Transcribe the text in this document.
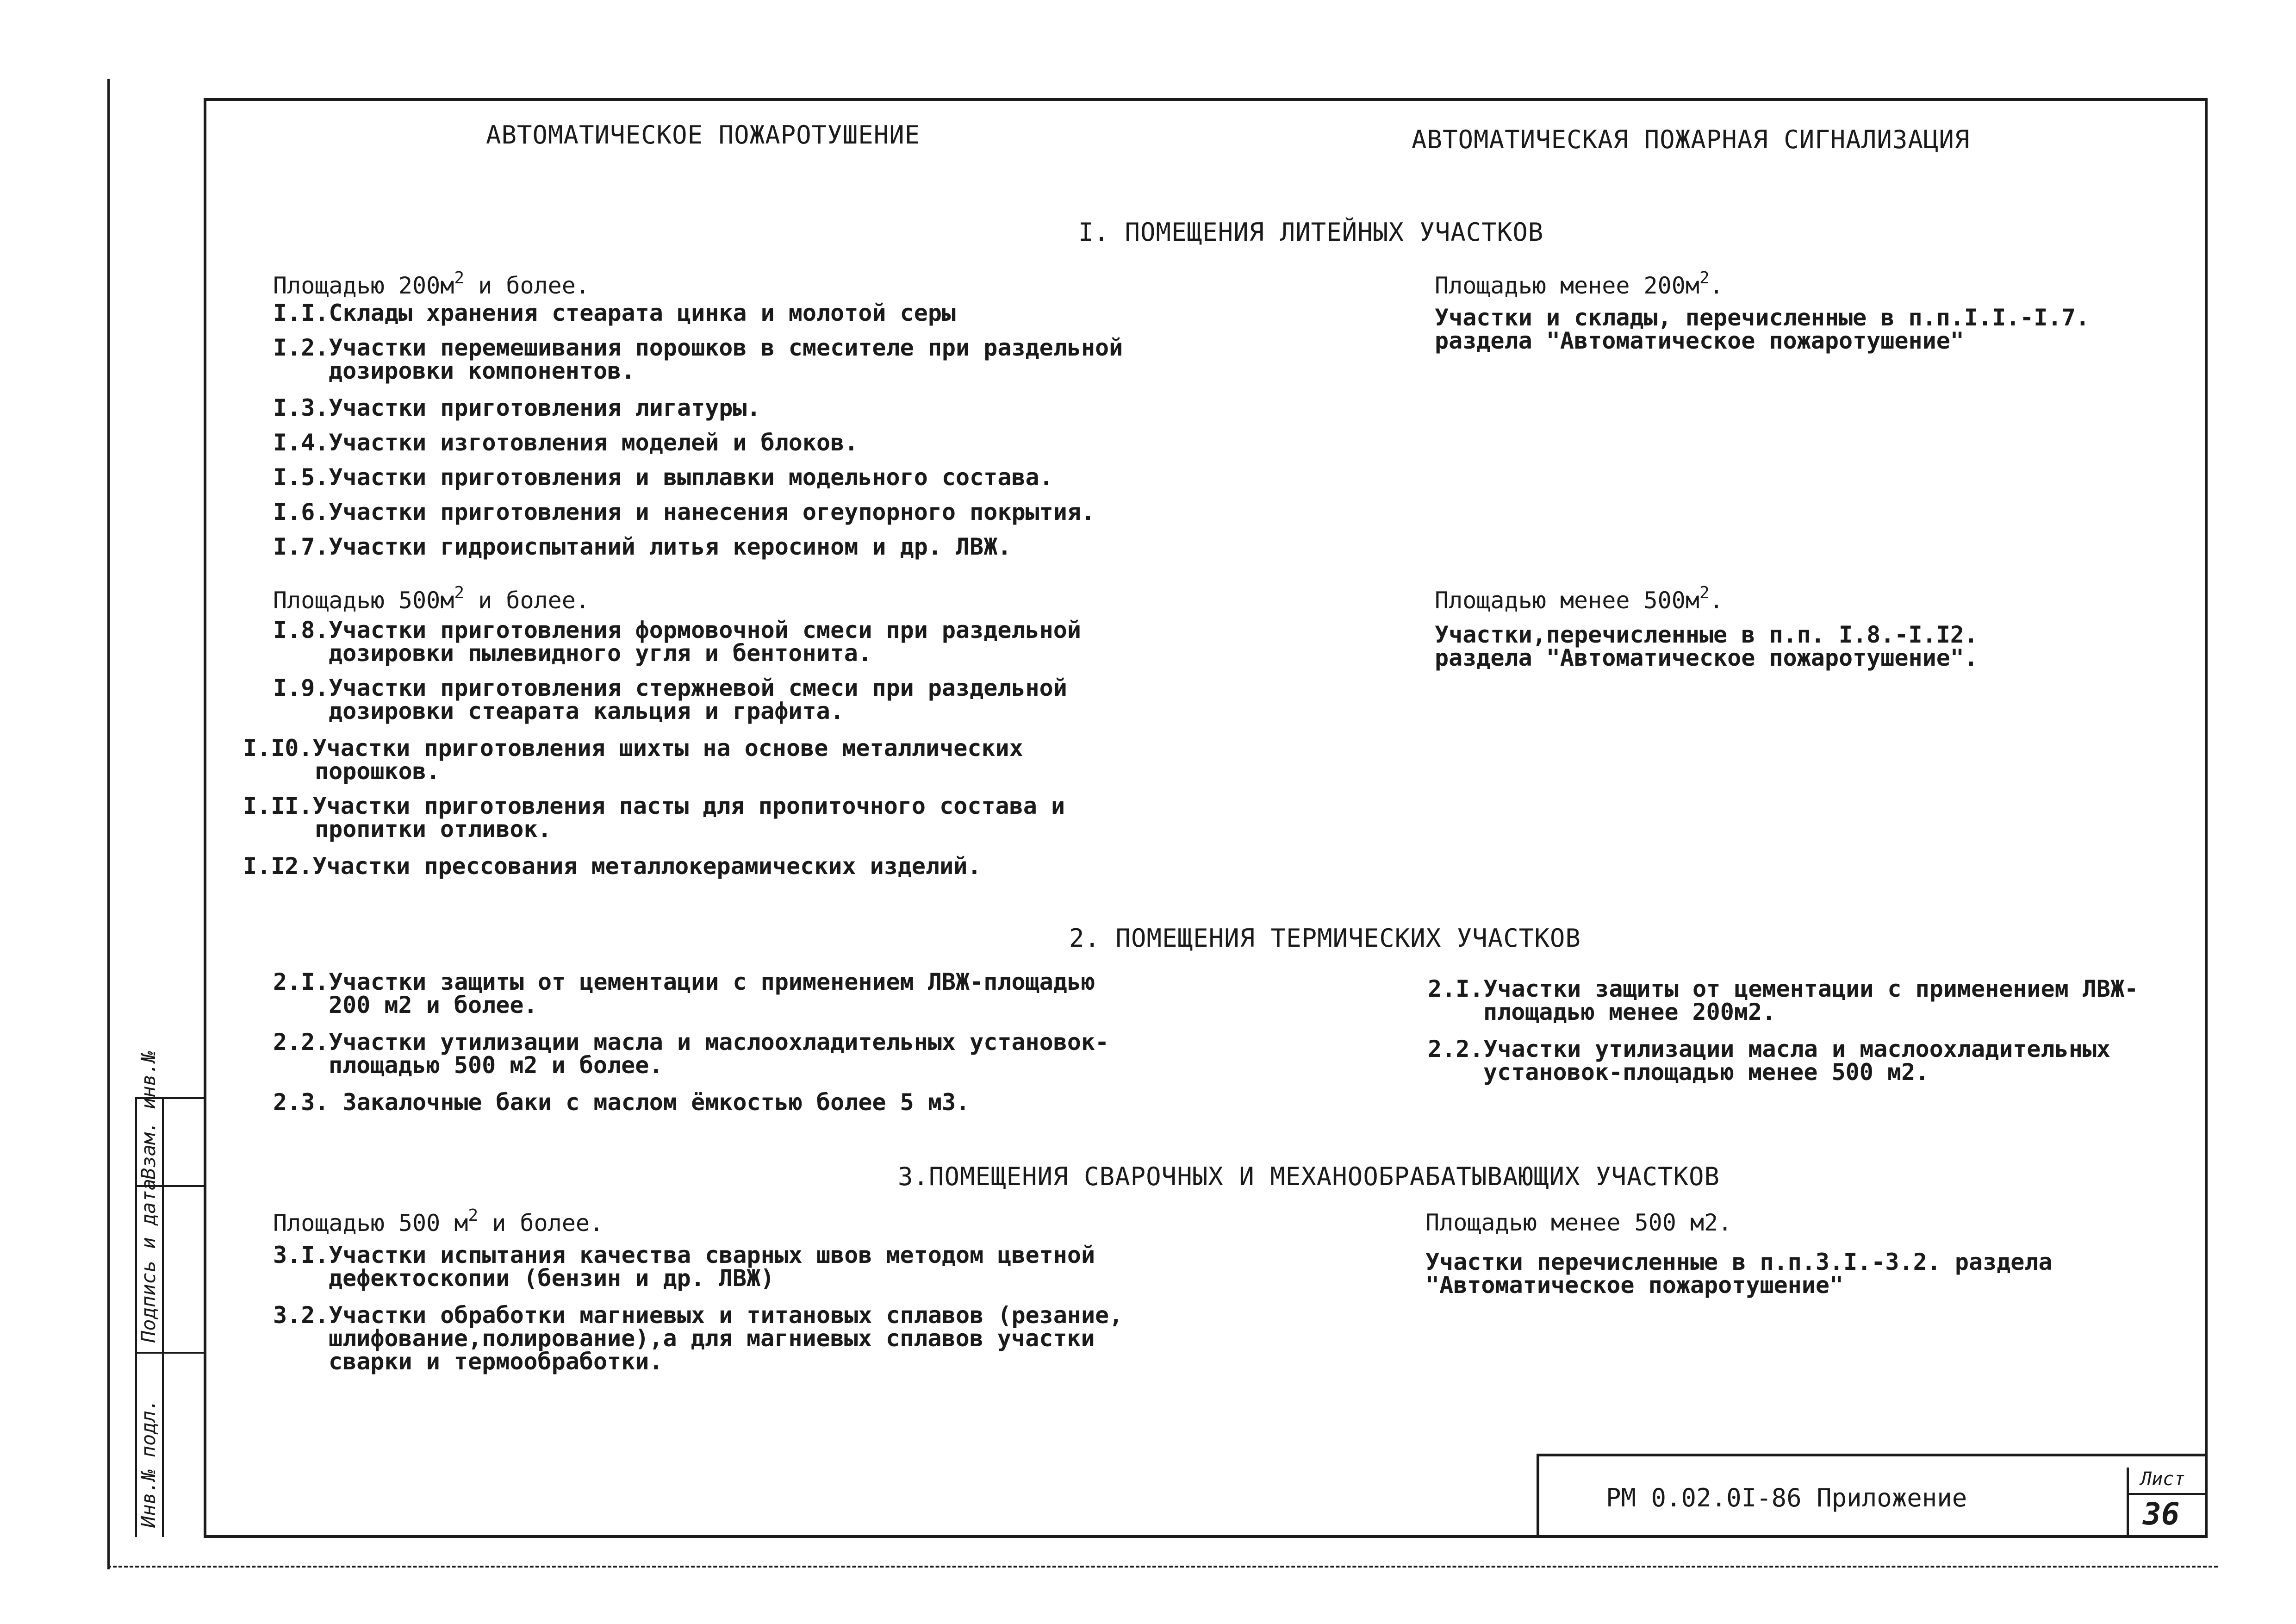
Взам. инв.№
Подпись и дата
Инв.№ подл.
АВТОМАТИЧЕСКОЕ ПОЖАРОТУШЕНИЕ	АВТОМАТИЧЕСКАЯ ПОЖАРНАЯ СИГНАЛИЗАЦИЯ
I. ПОМЕЩЕНИЯ ЛИТЕЙНЫХ УЧАСТКОВ
Площадью $200м^2$ и более.
I.I.Склады хранения стеарата цинка и молотой серы
I.2.Участки перемешивания порошков в смесителе при раздельной
дозировки компонентов.
I.3.Участки приготовления лигатуры.
I.4.Участки изготовления моделей и блоков.
I.5.Участки приготовления и выплавки модельного состава.
I.6.Участки приготовления и нанесения огеупорного покрытия.
I.7.Участки гидроиспытаний литья керосином и др. ЛВЖ.
Площадью $500м^2$ и более.
I.8.Участки приготовления формовочной смеси при раздельной
дозировки пылевидного угля и бентонита.
I.9.Участки приготовления стержневой смеси при раздельной
дозировки стеарата кальция и графита.
I.I0.Участки приготовления шихты на основе металлических
порошков.
I.II.Участки приготовления пасты для пропиточного состава и
пропитки отливок.
I.I2.Участки прессования металлокерамических изделий.
Площадью менее $200м^2$.
Участки и склады, перечисленные в п.п.I.I.-I.7.
раздела "Автоматическое пожаротушение"
Площадью менее $500м^2$.
Участки,перечисленные в п.п. I.8.-I.I2.
раздела "Автоматическое пожаротушение".
2. ПОМЕЩЕНИЯ ТЕРМИЧЕСКИХ УЧАСТКОВ
2.I.Участки защиты от цементации с применением ЛВЖ-площадью
200 м2 и более.
2.2.Участки утилизации масла и маслоохладительных установок-
площадью 500 м2 и более.
2.3. Закалочные баки с маслом ёмкостью более 5 м3.
2.I.Участки защиты от цементации с применением ЛВЖ-
площадью менее 200м2.
2.2.Участки утилизации масла и маслоохладительных
установок-площадью менее 500 м2.
3.ПОМЕЩЕНИЯ СВАРОЧНЫХ И МЕХАНООБРАБАТЫВАЮЩИХ УЧАСТКОВ
Площадью 500 $м^2$ и более.
3.I.Участки испытания качества сварных швов методом цветной
дефектоскопии (бензин и др. ЛВЖ)
3.2.Участки обработки магниевых и титановых сплавов (резание,
шлифование,полирование),а для магниевых сплавов участки
сварки и термообработки.
Площадью менее 500 м2.
Участки перечисленные в п.п.3.I.-3.2. раздела
"Автоматическое пожаротушение"
РМ 0.02.0I-86 Приложение
Лист
36
